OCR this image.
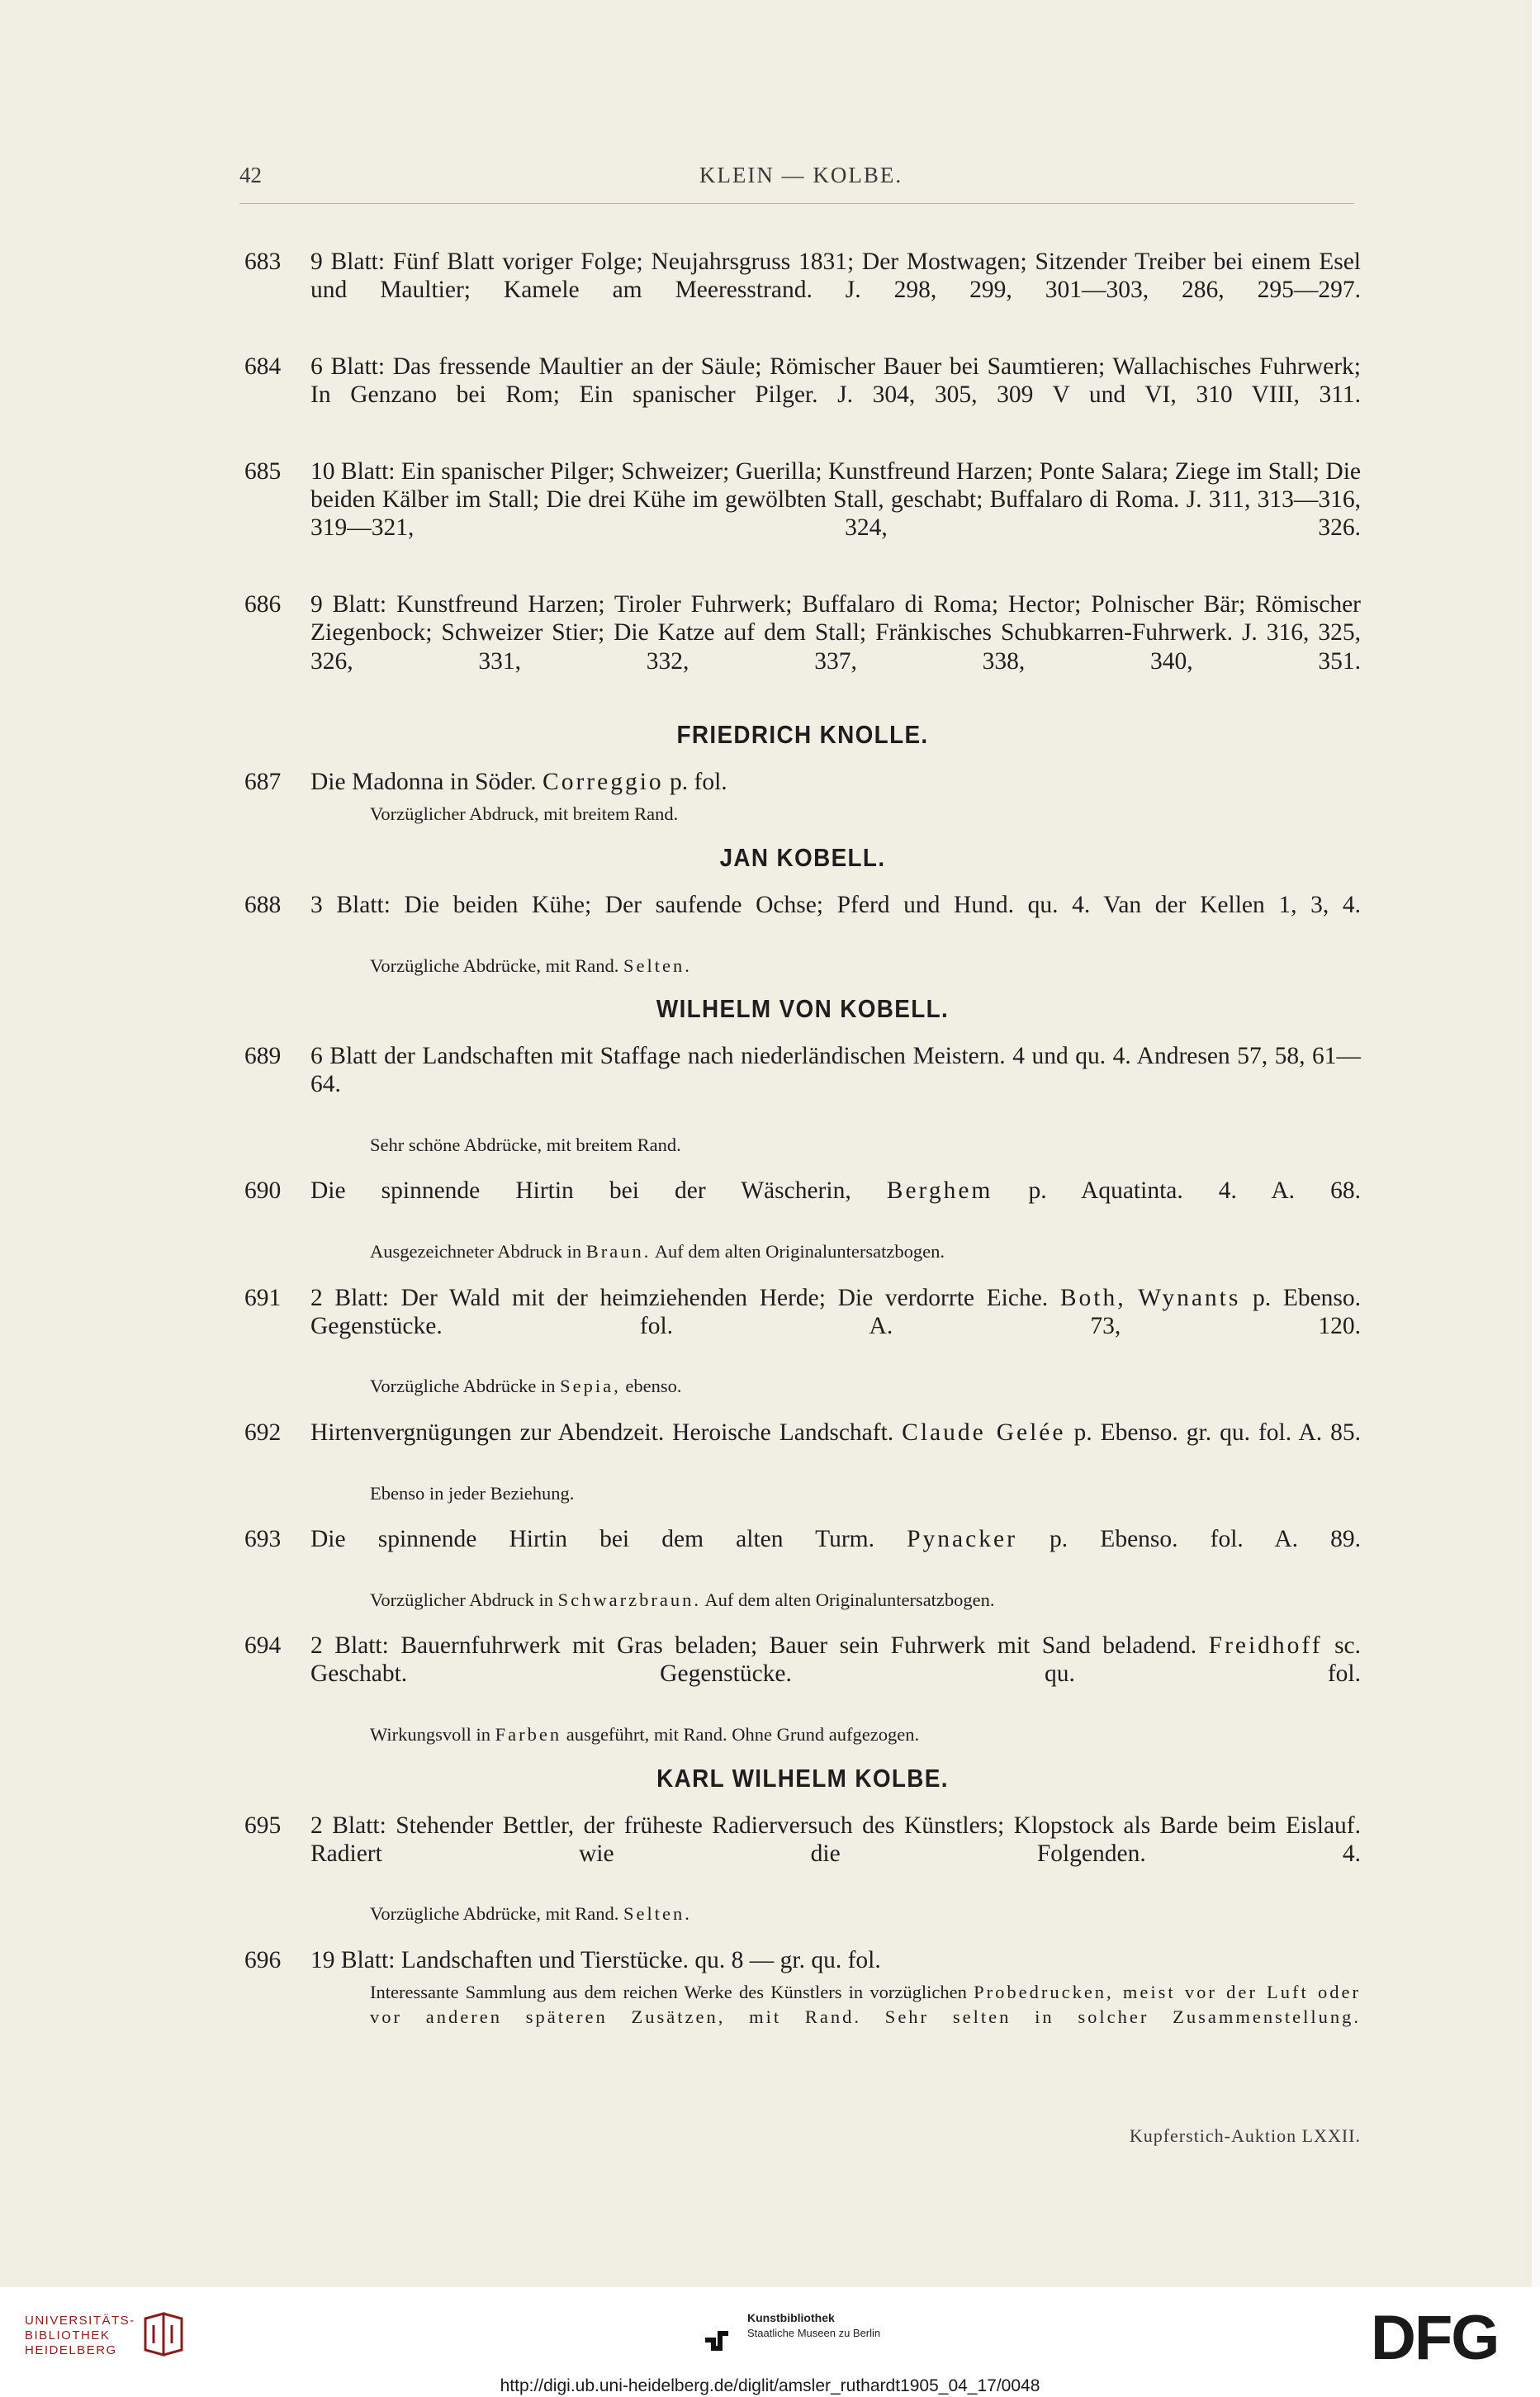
42	KLEIN — KOLBE.
683 9 Blatt: Fünf Blatt voriger Folge; Neujahrsgruss 1831; Der Mostwagen; Sitzender Treiber bei einem Esel und Maultier; Kamele am Meeresstrand. J. 298, 299, 301—303, 286, 295—297.
684 6 Blatt: Das fressende Maultier an der Säule; Römischer Bauer bei Saumtieren; Wallachisches Fuhrwerk; In Genzano bei Rom; Ein spanischer Pilger. J. 304, 305, 309 V und VI, 310 VIII, 311.
685 10 Blatt: Ein spanischer Pilger; Schweizer; Guerilla; Kunstfreund Harzen; Ponte Salara; Ziege im Stall; Die beiden Kälber im Stall; Die drei Kühe im gewölbten Stall, geschabt; Buffalaro di Roma. J. 311, 313—316, 319—321, 324, 326.
686 9 Blatt: Kunstfreund Harzen; Tiroler Fuhrwerk; Buffalaro di Roma; Hector; Polnischer Bär; Römischer Ziegenbock; Schweizer Stier; Die Katze auf dem Stall; Fränkisches Schubkarren-Fuhrwerk. J. 316, 325, 326, 331, 332, 337, 338, 340, 351.
FRIEDRICH KNOLLE.
687 Die Madonna in Söder. Correggio p. fol.
Vorzüglicher Abdruck, mit breitem Rand.
JAN KOBELL.
688 3 Blatt: Die beiden Kühe; Der saufende Ochse; Pferd und Hund. qu. 4. Van der Kellen 1, 3, 4.
Vorzügliche Abdrücke, mit Rand. Selten.
WILHELM VON KOBELL.
689 6 Blatt der Landschaften mit Staffage nach niederländischen Meistern. 4 und qu. 4. Andresen 57, 58, 61—64.
Sehr schöne Abdrücke, mit breitem Rand.
690 Die spinnende Hirtin bei der Wäscherin, Berghem p. Aquatinta. 4. A. 68.
Ausgezeichneter Abdruck in Braun. Auf dem alten Originaluntersatzbogen.
691 2 Blatt: Der Wald mit der heimziehenden Herde; Die verdorrte Eiche. Both, Wynants p. Ebenso. Gegenstücke. fol. A. 73, 120.
Vorzügliche Abdrücke in Sepia, ebenso.
692 Hirtenvergnügungen zur Abendzeit. Heroische Landschaft. Claude Gelée p. Ebenso. gr. qu. fol. A. 85.
Ebenso in jeder Beziehung.
693 Die spinnende Hirtin bei dem alten Turm. Pynacker p. Ebenso. fol. A. 89.
Vorzüglicher Abdruck in Schwarzbraun. Auf dem alten Originaluntersatzbogen.
694 2 Blatt: Bauernfuhrwerk mit Gras beladen; Bauer sein Fuhrwerk mit Sand beladend. Freidhoff sc. Geschabt. Gegenstücke. qu. fol.
Wirkungsvoll in Farben ausgeführt, mit Rand. Ohne Grund aufgezogen.
KARL WILHELM KOLBE.
695 2 Blatt: Stehender Bettler, der früheste Radierversuch des Künstlers; Klopstock als Barde beim Eislauf. Radiert wie die Folgenden. 4.
Vorzügliche Abdrücke, mit Rand. Selten.
696 19 Blatt: Landschaften und Tierstücke. qu. 8 — gr. qu. fol.
Interessante Sammlung aus dem reichen Werke des Künstlers in vorzüglichen Probedrucken, meist vor der Luft oder vor anderen späteren Zusätzen, mit Rand. Sehr selten in solcher Zusammenstellung.
Kupferstich-Auktion LXXII.
UNIVERSITÄTS-
BIBLIOTHEK
HEIDELBERG
Kunstbibliothek
Staatliche Museen zu Berlin	DFG
http://digi.ub.uni-heidelberg.de/diglit/amsler_ruthardt1905_04_17/0048
